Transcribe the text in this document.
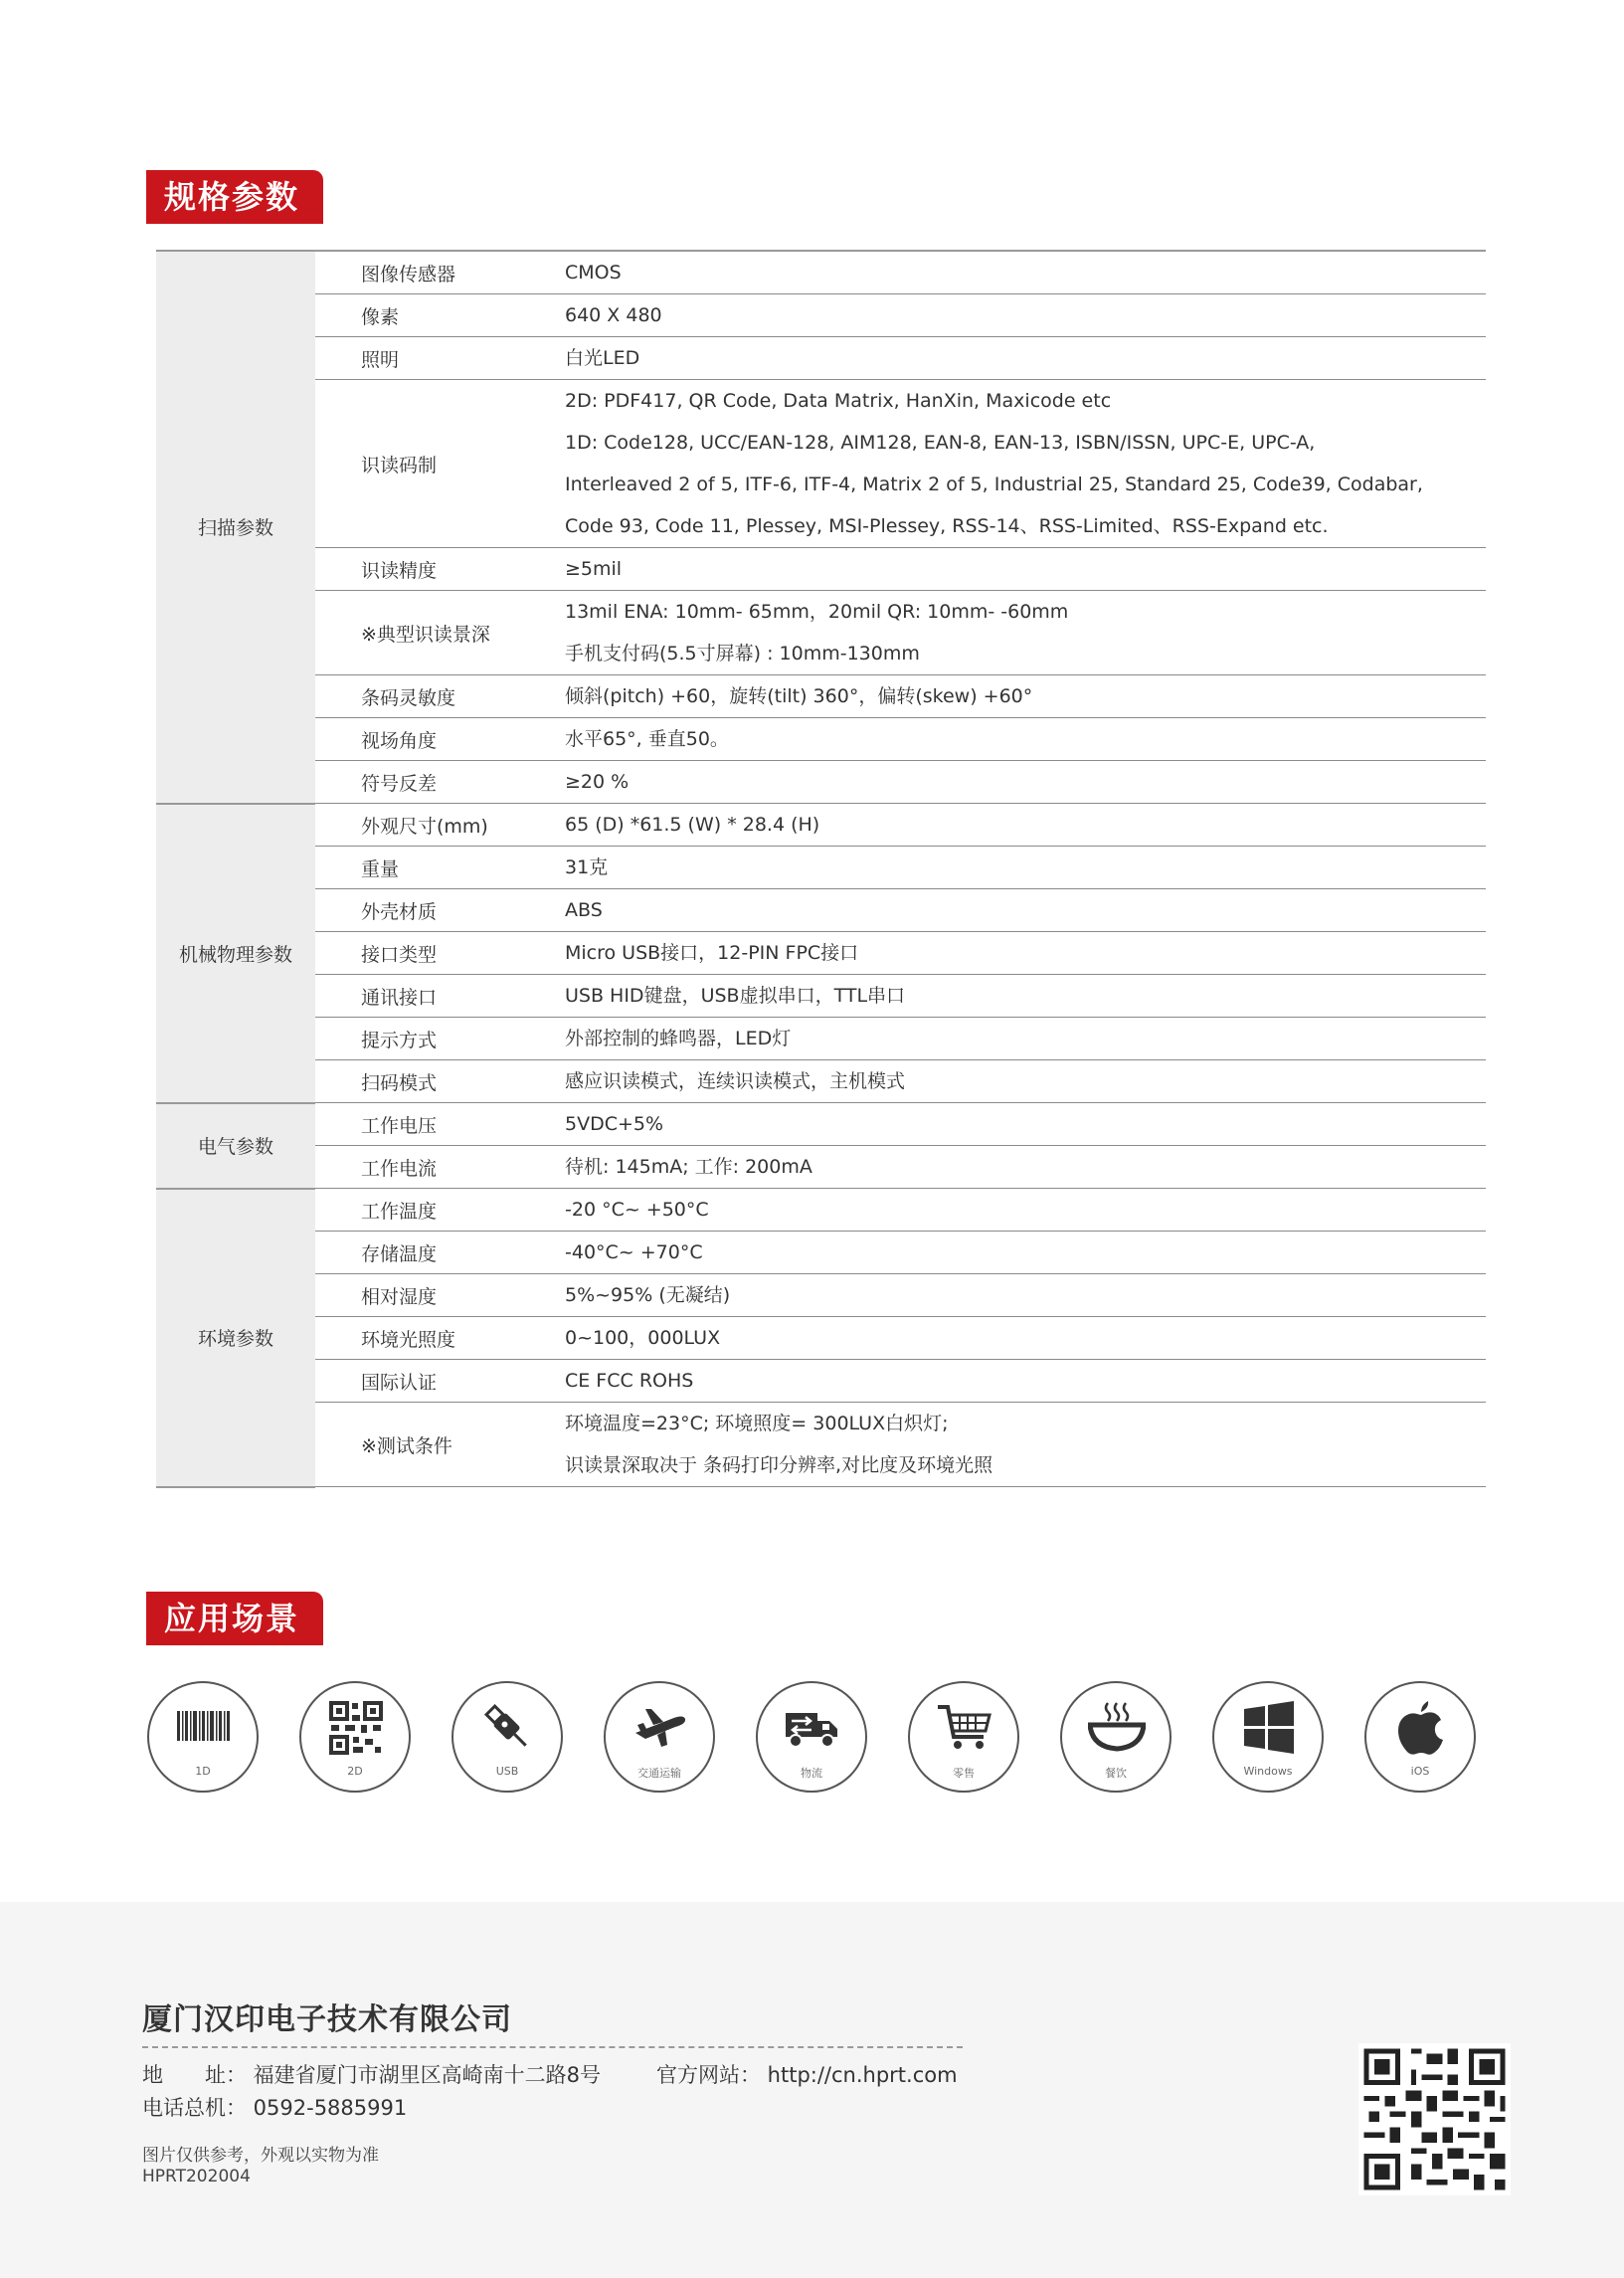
规格参数
扫描参数	图像传感器	CMOS

	像素	640 X 480

	照明	白光LED

	识读码制	2D: PDF417, QR Code, Data Matrix, HanXin, Maxicode etc
1D: Code128, UCC/EAN-128, AIM128, EAN-8, EAN-13, ISBN/ISSN, UPC-E, UPC-A,
Interleaved 2 of 5, ITF-6, ITF-4, Matrix 2 of 5, Industrial 25, Standard 25, Code39, Codabar,
Code 93, Code 11, Plessey, MSI-Plessey, RSS-14、RSS-Limited、RSS-Expand etc.

	识读精度	≥5mil

	※典型识读景深	13mil ENA: 10mm- 65mm，20mil QR: 10mm- -60mm
手机支付码(5.5寸屏幕) : 10mm-130mm

	条码灵敏度	倾斜(pitch) +60，旋转(tilt) 360°，偏转(skew) +60°

	视场角度	水平65°, 垂直50。

	符号反差	≥20 %

机械物理参数	外观尺寸(mm)	65 (D) *61.5 (W) * 28.4 (H)

	重量	31克

	外壳材质	ABS

	接口类型	Micro USB接口，12-PIN FPC接口

	通讯接口	USB HID键盘，USB虚拟串口，TTL串口

	提示方式	外部控制的蜂鸣器，LED灯

	扫码模式	感应识读模式，连续识读模式，主机模式

电气参数	工作电压	5VDC+5%

	工作电流	待机: 145mA; 工作: 200mA

环境参数	工作温度	-20 °C~ +50°C

	存储温度	-40°C~ +70°C

	相对湿度	5%~95% (无凝结)

	环境光照度	0~100，000LUX

	国际认证	CE FCC ROHS

	※测试条件	环境温度=23°C; 环境照度= 300LUX白炽灯;
识读景深取决于 条码打印分辨率,对比度及环境光照
应用场景
1D	2D	USB	交通运输	物流	零售	餐饮	Windows	iOS
厦门汉印电子技术有限公司
地　　址： 福建省厦门市湖里区高崎南十二路8号	官方网站： http://cn.hprt.com
电话总机： 0592-5885991
图片仅供参考，外观以实物为准
HPRT202004
